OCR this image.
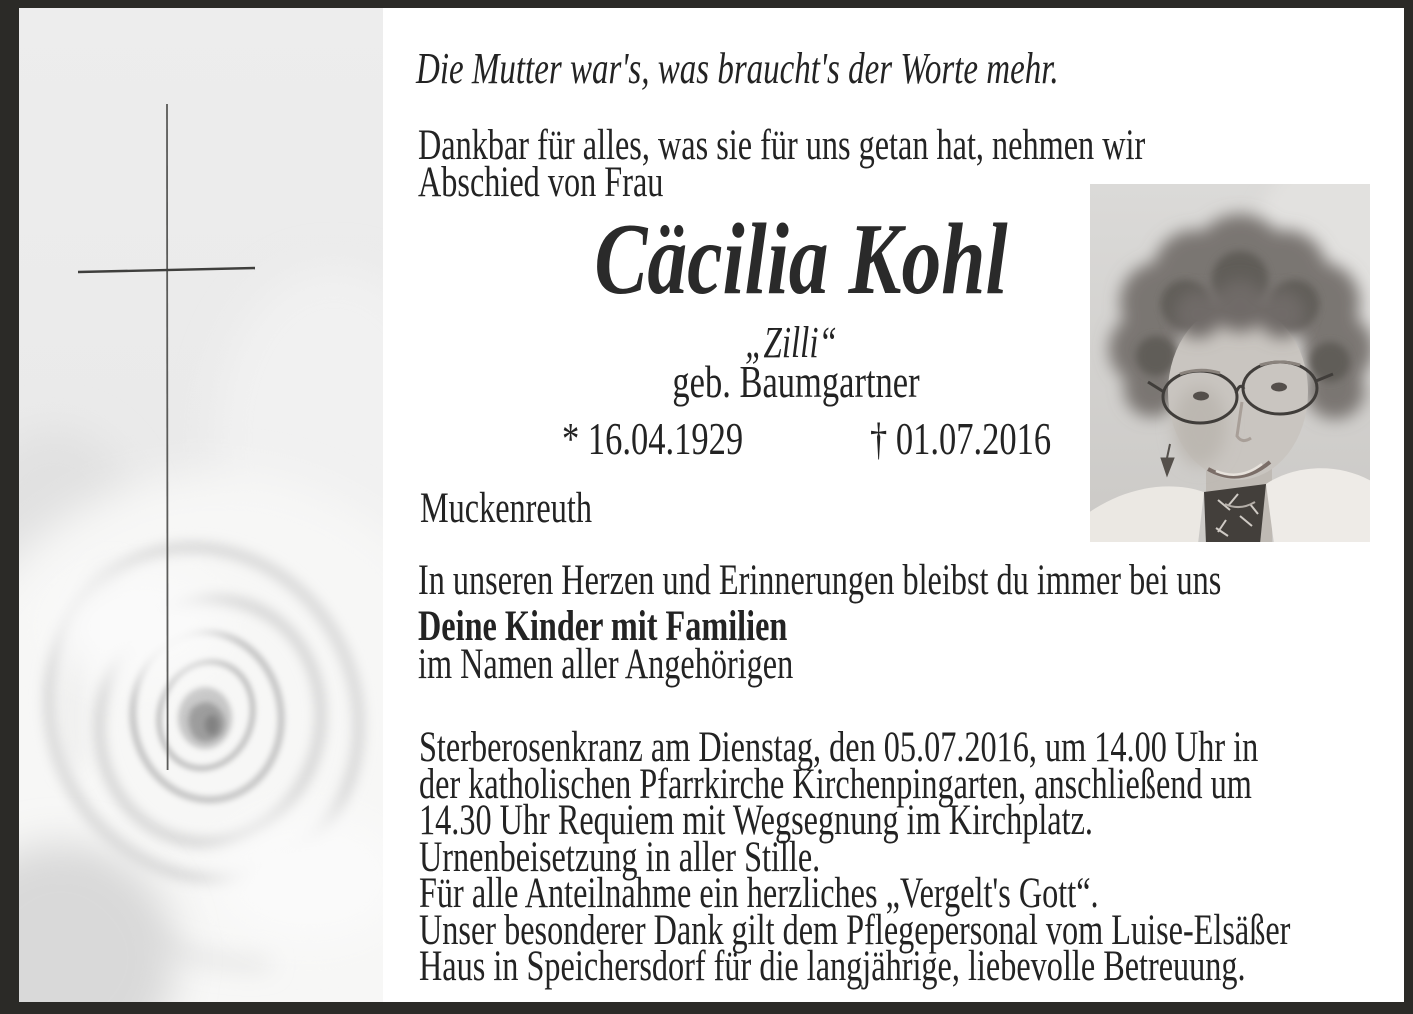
Die Mutter war's, was braucht's der Worte mehr.
Dankbar für alles, was sie für uns getan hat, nehmen wir
Abschied von Frau
Cäcilia Kohl
„Zilli“
geb. Baumgartner
* 16.04.1929	† 01.07.2016
Muckenreuth
In unseren Herzen und Erinnerungen bleibst du immer bei uns
Deine Kinder mit Familien
im Namen aller Angehörigen
Sterberosenkranz am Dienstag, den 05.07.2016, um 14.00 Uhr in
der katholischen Pfarrkirche Kirchenpingarten, anschließend um
14.30 Uhr Requiem mit Wegsegnung im Kirchplatz.
Urnenbeisetzung in aller Stille.
Für alle Anteilnahme ein herzliches „Vergelt's Gott“.
Unser besonderer Dank gilt dem Pflegepersonal vom Luise-Elsäßer
Haus in Speichersdorf für die langjährige, liebevolle Betreuung.
